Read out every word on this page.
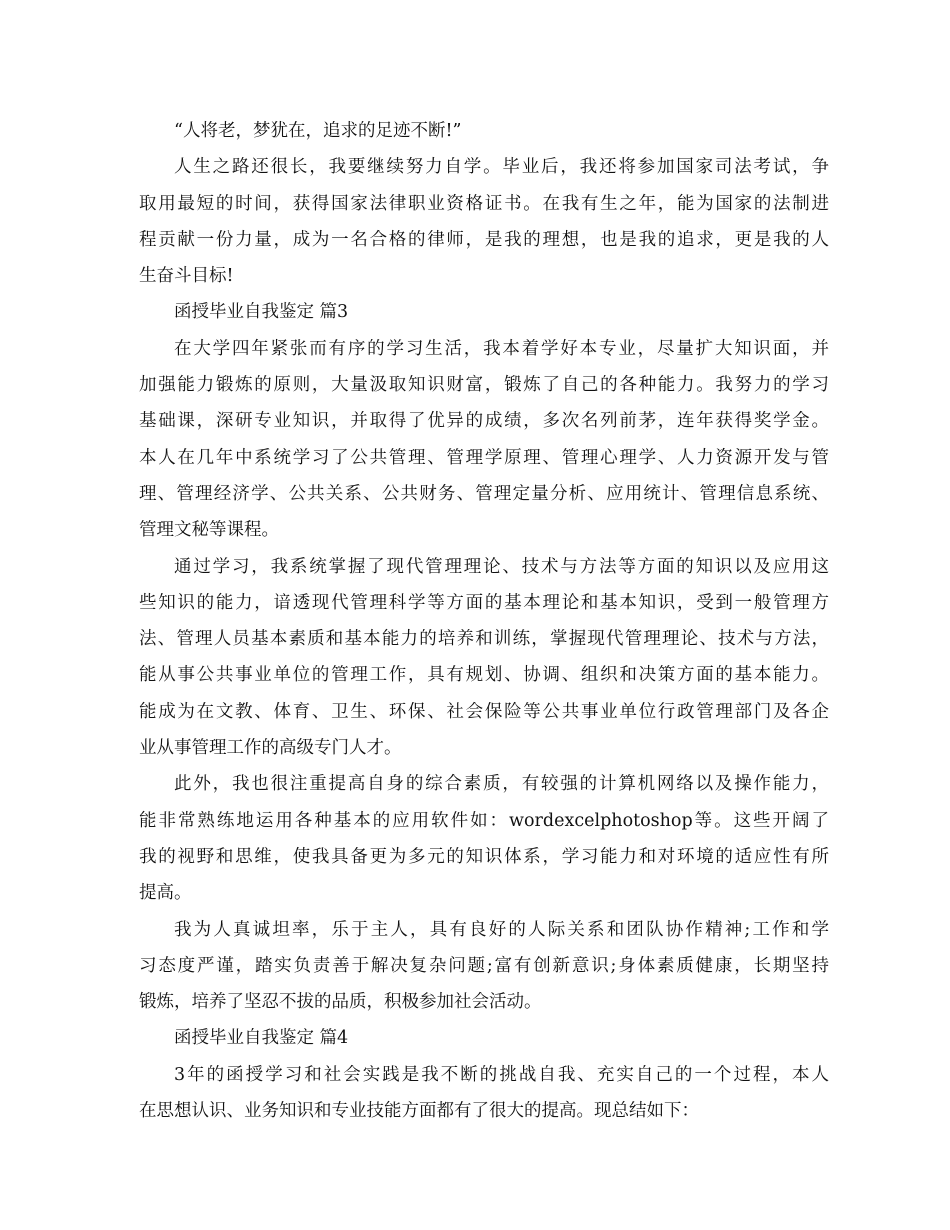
“人将老，梦犹在，追求的足迹不断!”
人生之路还很长，我要继续努力自学。毕业后，我还将参加国家司法考试，争
取用最短的时间，获得国家法律职业资格证书。在我有生之年，能为国家的法制进
程贡献一份力量，成为一名合格的律师，是我的理想，也是我的追求，更是我的人
生奋斗目标!
函授毕业自我鉴定 篇3
在大学四年紧张而有序的学习生活，我本着学好本专业，尽量扩大知识面，并
加强能力锻炼的原则，大量汲取知识财富，锻炼了自己的各种能力。我努力的学习
基础课，深研专业知识，并取得了优异的成绩，多次名列前茅，连年获得奖学金。
本人在几年中系统学习了公共管理、管理学原理、管理心理学、人力资源开发与管
理、管理经济学、公共关系、公共财务、管理定量分析、应用统计、管理信息系统、
管理文秘等课程。
通过学习，我系统掌握了现代管理理论、技术与方法等方面的知识以及应用这
些知识的能力，谙透现代管理科学等方面的基本理论和基本知识，受到一般管理方
法、管理人员基本素质和基本能力的培养和训练，掌握现代管理理论、技术与方法，
能从事公共事业单位的管理工作，具有规划、协调、组织和决策方面的基本能力。
能成为在文教、体育、卫生、环保、社会保险等公共事业单位行政管理部门及各企
业从事管理工作的高级专门人才。
此外，我也很注重提高自身的综合素质，有较强的计算机网络以及操作能力，
能非常熟练地运用各种基本的应用软件如：wordexcelphotoshop等。这些开阔了
我的视野和思维，使我具备更为多元的知识体系，学习能力和对环境的适应性有所
提高。
我为人真诚坦率，乐于主人，具有良好的人际关系和团队协作精神;工作和学
习态度严谨，踏实负责善于解决复杂问题;富有创新意识;身体素质健康，长期坚持
锻炼，培养了坚忍不拔的品质，积极参加社会活动。
函授毕业自我鉴定 篇4
3年的函授学习和社会实践是我不断的挑战自我、充实自己的一个过程，本人
在思想认识、业务知识和专业技能方面都有了很大的提高。现总结如下：
